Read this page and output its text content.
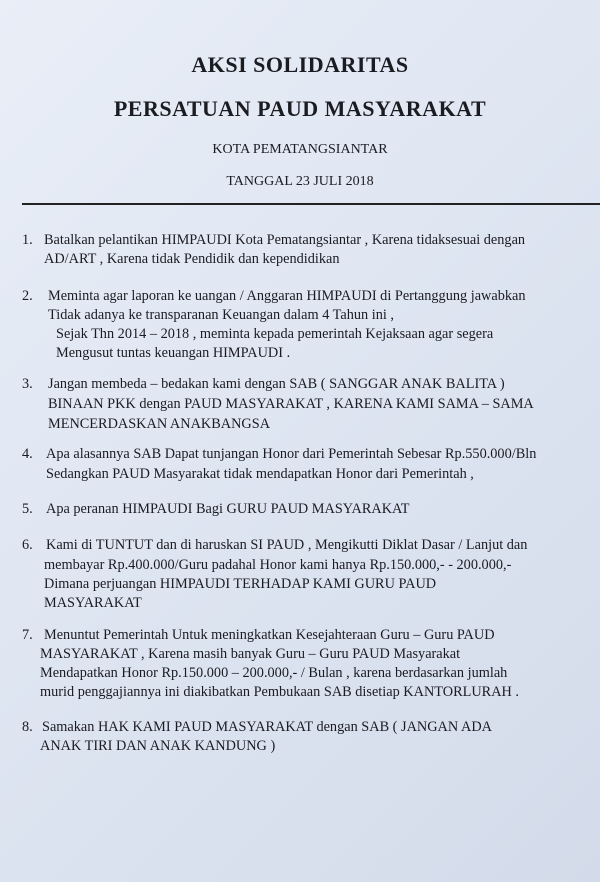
AKSI SOLIDARITAS
PERSATUAN PAUD MASYARAKAT
KOTA PEMATANGSIANTAR
TANGGAL 23 JULI 2018
1. Batalkan pelantikan HIMPAUDI Kota Pematangsiantar , Karena tidaksesuai dengan
AD/ART , Karena tidak Pendidik dan kependidikan
2.	Meminta agar laporan ke uangan / Anggaran HIMPAUDI di Pertanggung jawabkan
Tidak adanya ke transparanan Keuangan dalam 4 Tahun ini ,
Sejak Thn 2014 – 2018 , meminta kepada pemerintah Kejaksaan agar segera
Mengusut tuntas keuangan HIMPAUDI .
3.	Jangan membeda – bedakan kami dengan SAB ( SANGGAR ANAK BALITA )
BINAAN PKK dengan PAUD MASYARAKAT , KARENA KAMI SAMA – SAMA
MENCERDASKAN ANAKBANGSA
4. Apa alasannya SAB Dapat tunjangan Honor dari Pemerintah Sebesar Rp.550.000/Bln
Sedangkan PAUD Masyarakat tidak mendapatkan Honor dari Pemerintah ,
5. Apa peranan HIMPAUDI Bagi GURU PAUD MASYARAKAT
6. Kami di TUNTUT dan di haruskan SI PAUD , Mengikutti Diklat Dasar / Lanjut dan
membayar Rp.400.000/Guru padahal Honor kami hanya Rp.150.000,- - 200.000,-
Dimana perjuangan HIMPAUDI TERHADAP KAMI GURU PAUD
MASYARAKAT
7. Menuntut Pemerintah Untuk meningkatkan Kesejahteraan Guru – Guru PAUD
MASYARAKAT , Karena masih banyak Guru – Guru PAUD Masyarakat
Mendapatkan Honor Rp.150.000 – 200.000,- / Bulan , karena berdasarkan jumlah
murid penggajiannya ini diakibatkan Pembukaan SAB disetiap KANTORLURAH .
8. Samakan HAK KAMI PAUD MASYARAKAT dengan SAB ( JANGAN ADA
ANAK TIRI DAN ANAK KANDUNG )
